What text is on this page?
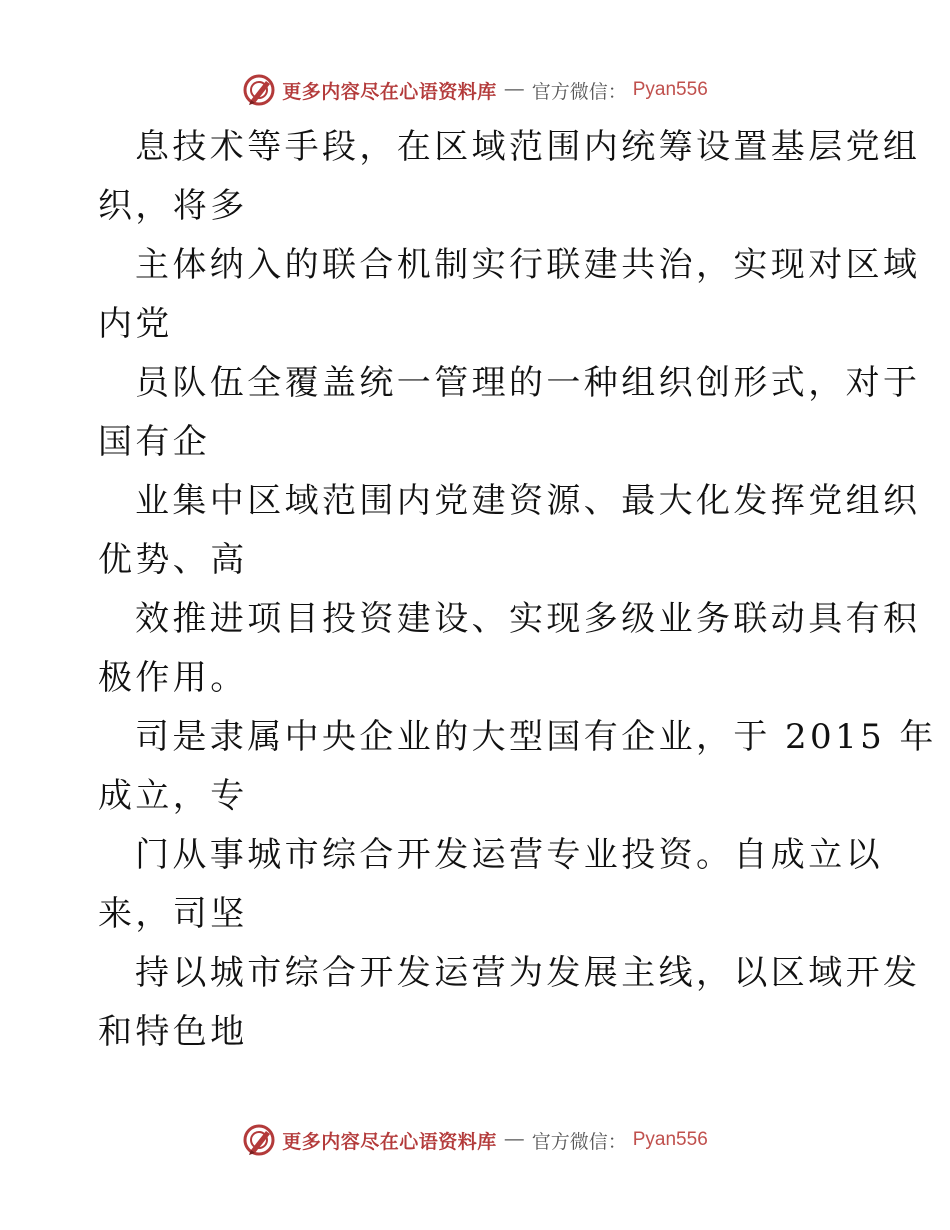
更多内容尽在心语资料库 — 官方微信： Pyan556

息技术等手段，在区域范围内统筹设置基层党组
织，将多

主体纳入的联合机制实行联建共治，实现对区域
内党

员队伍全覆盖统一管理的一种组织创形式，对于
国有企

业集中区域范围内党建资源、最大化发挥党组织
优势、高

效推进项目投资建设、实现多级业务联动具有积
极作用。

司是隶属中央企业的大型国有企业，于 2015 年
成立，专

门从事城市综合开发运营专业投资。自成立以
来，司坚

持以城市综合开发运营为发展主线，以区域开发
和特色地

更多内容尽在心语资料库 — 官方微信： Pyan556
